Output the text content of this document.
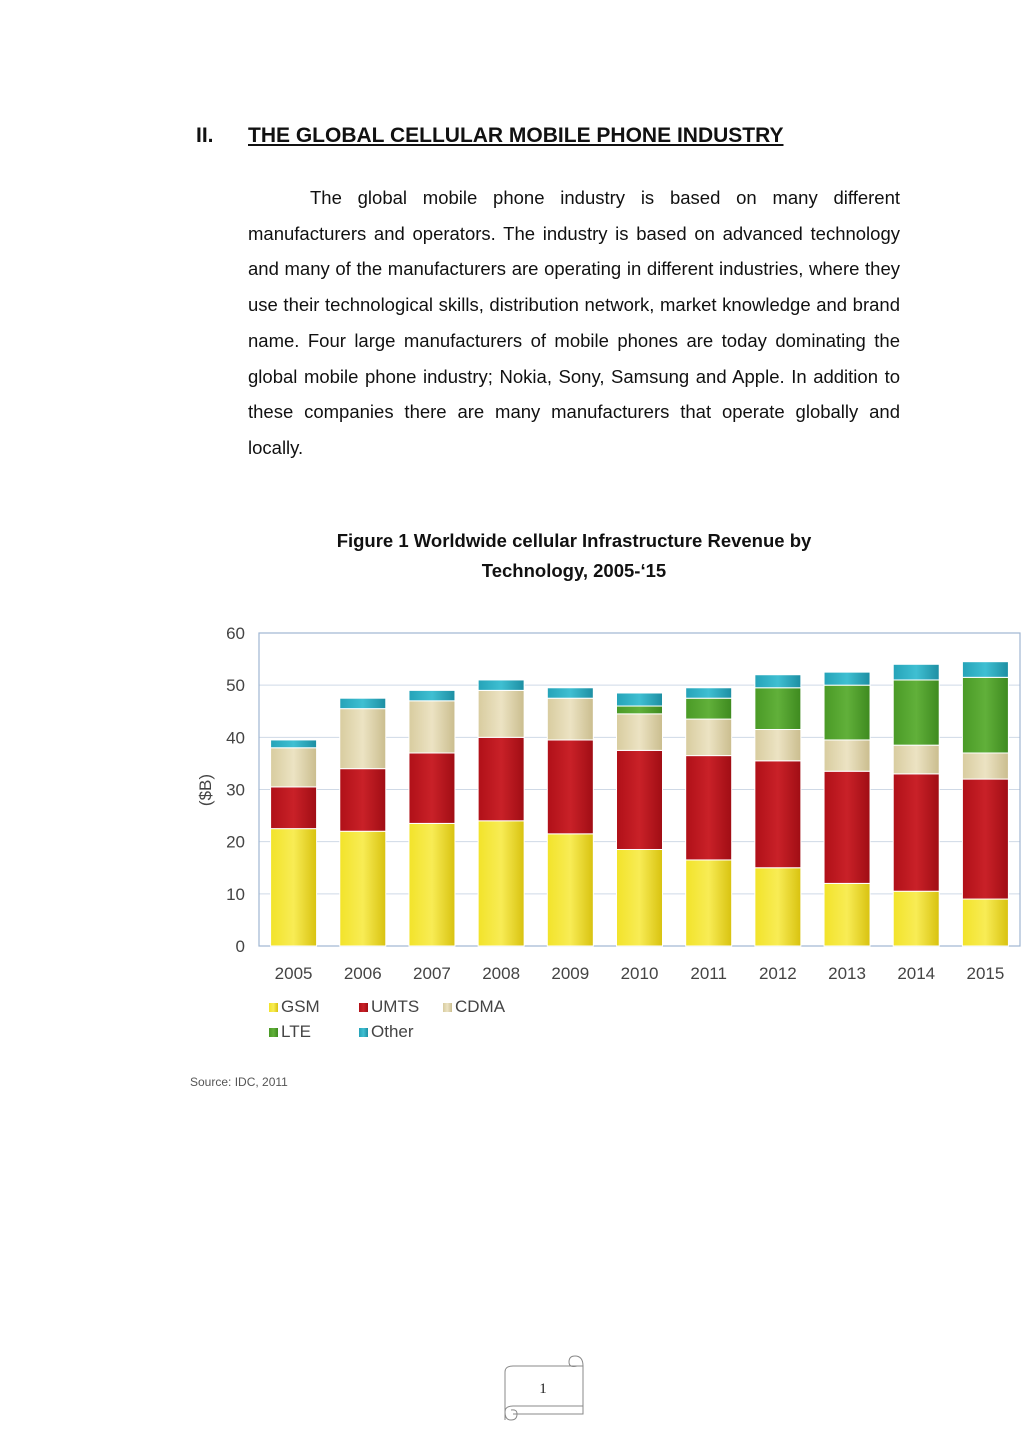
II. THE GLOBAL CELLULAR MOBILE PHONE INDUSTRY

The global mobile phone industry is based on many different manufacturers and operators. The industry is based on advanced technology and many of the manufacturers are operating in different industries, where they use their technological skills, distribution network, market knowledge and brand name. Four large manufacturers of mobile phones are today dominating the global mobile phone industry; Nokia, Sony, Samsung and Apple. In addition to these companies there are many manufacturers that operate globally and locally.

Figure 1 Worldwide cellular Infrastructure Revenue by
Technology, 2005-‘15
0
10
20
30
40
50
60
($B)
2005 2006 2007 2008 2009 2010 2011 2012 2013 2014 2015
GSM	UMTS CDMA
LTE	Other
Source: IDC, 2011
1
